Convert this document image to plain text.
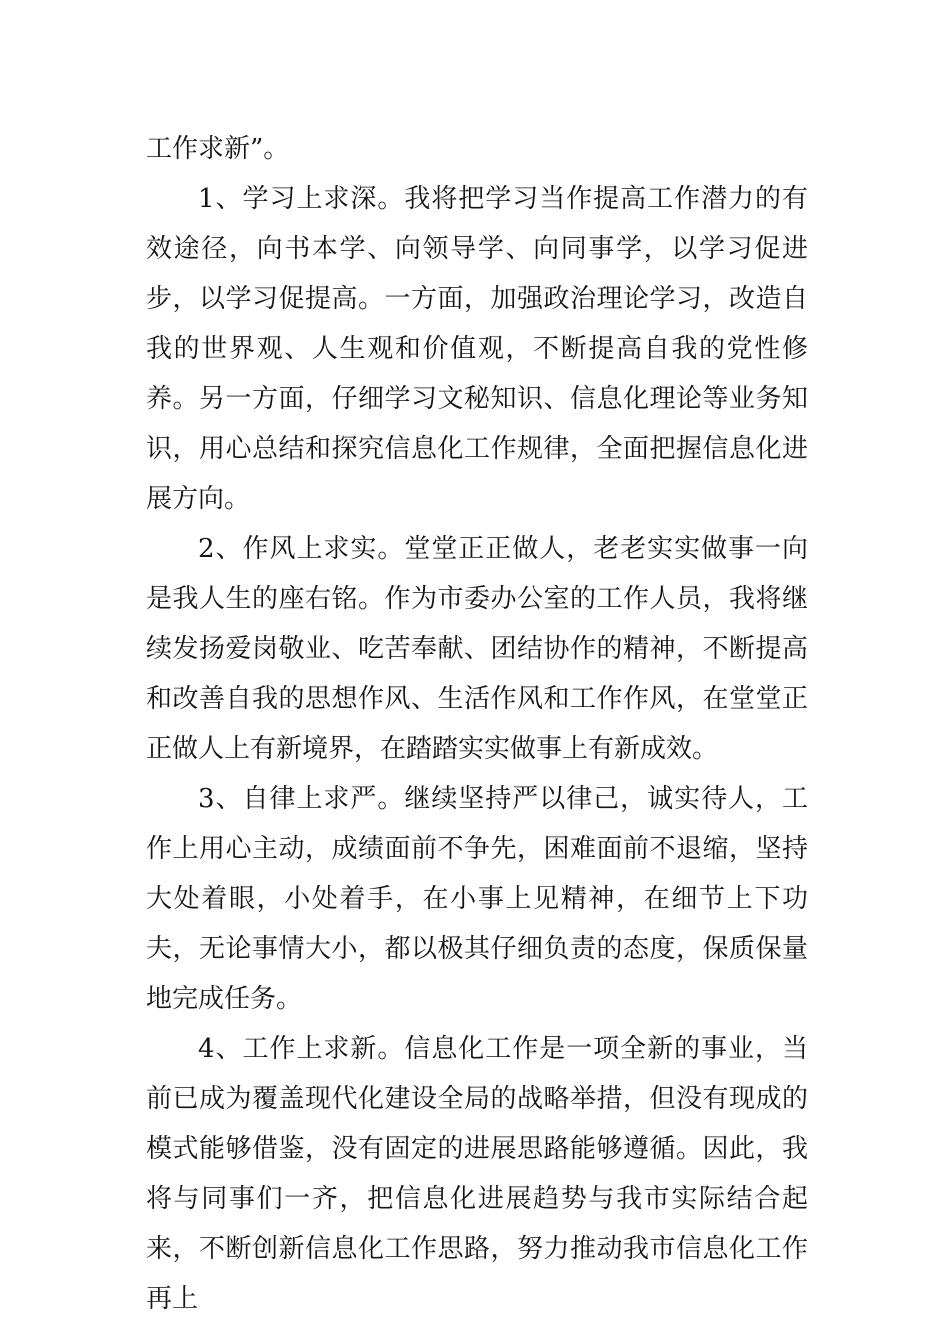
工作求新”。

1、学习上求深。我将把学习当作提高工作潜力的有效途径，向书本学、向领导学、向同事学，以学习促进步，以学习促提高。一方面，加强政治理论学习，改造自我的世界观、人生观和价值观，不断提高自我的党性修养。另一方面，仔细学习文秘知识、信息化理论等业务知识，用心总结和探究信息化工作规律，全面把握信息化进展方向。

2、作风上求实。堂堂正正做人，老老实实做事一向是我人生的座右铭。作为市委办公室的工作人员，我将继续发扬爱岗敬业、吃苦奉献、团结协作的精神，不断提高和改善自我的思想作风、生活作风和工作作风，在堂堂正正做人上有新境界，在踏踏实实做事上有新成效。

3、自律上求严。继续坚持严以律己，诚实待人，工作上用心主动，成绩面前不争先，困难面前不退缩，坚持大处着眼，小处着手，在小事上见精神，在细节上下功夫，无论事情大小，都以极其仔细负责的态度，保质保量地完成任务。

4、工作上求新。信息化工作是一项全新的事业，当前已成为覆盖现代化建设全局的战略举措，但没有现成的模式能够借鉴，没有固定的进展思路能够遵循。因此，我将与同事们一齐，把信息化进展趋势与我市实际结合起来，不断创新信息化工作思路，努力推动我市信息化工作再上
